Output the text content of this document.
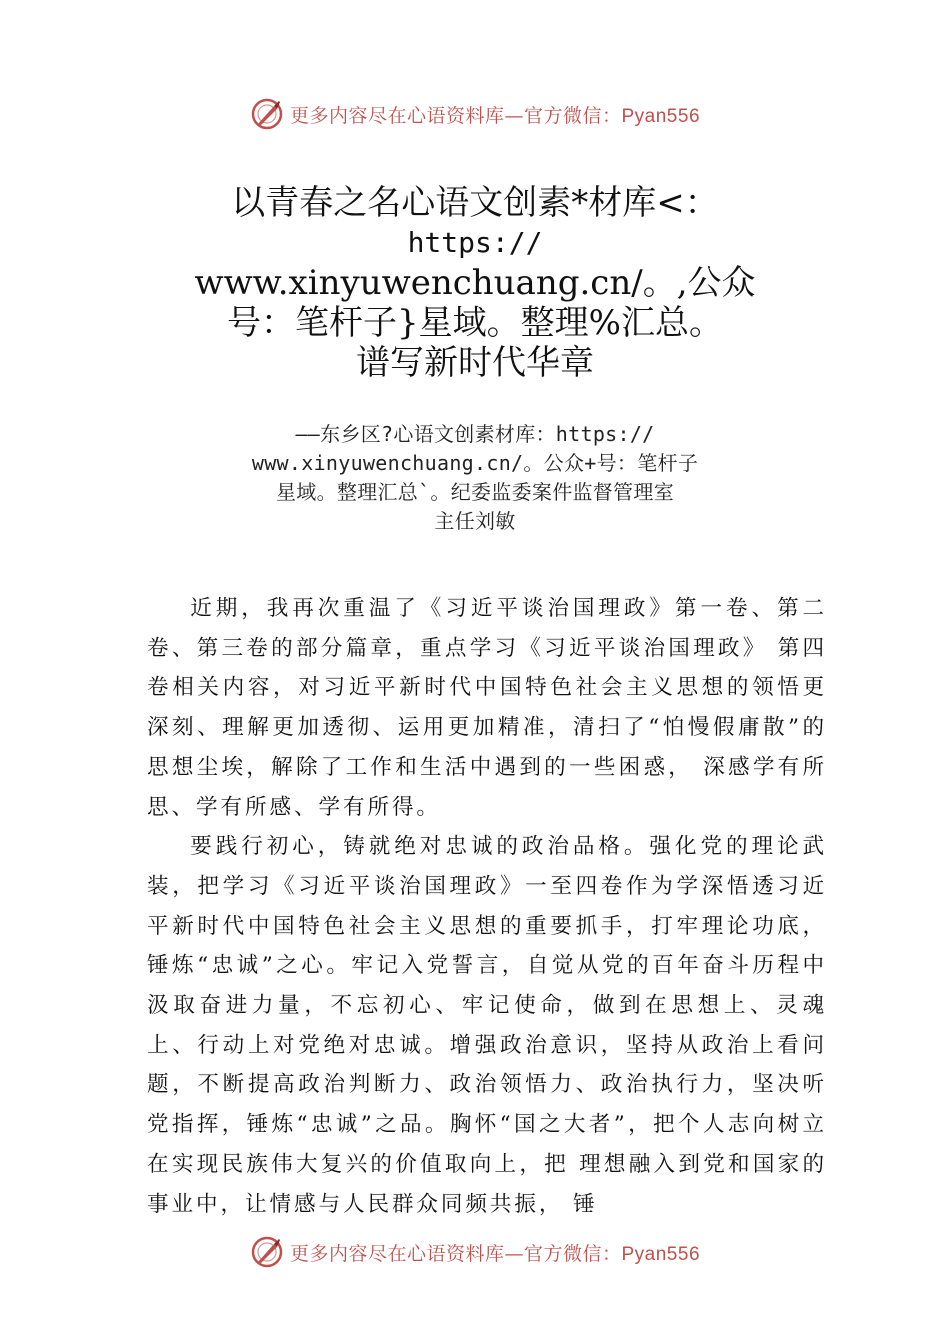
更多内容尽在心语资料库—官方微信：Pyan556
以青春之名心语文创素*材库<：
https://
www.xinyuwenchuang.cn/。,公众
号：笔杆子}星域。整理%汇总。
谱写新时代华章
——东乡区?心语文创素材库：https://
www.xinyuwenchuang.cn/。公众+号：笔杆子
星域。整理汇总`。纪委监委案件监督管理室
主任刘敏

近期，我再次重温了《习近平谈治国理政》第一卷、第二卷、第三卷的部分篇章，重点学习《习近平谈治国理政》 第四卷相关内容，对习近平新时代中国特色社会主义思想的领悟更深刻、理解更加透彻、运用更加精准，清扫了“怕慢假庸散”的思想尘埃，解除了工作和生活中遇到的一些困惑， 深感学有所思、学有所感、学有所得。

要践行初心，铸就绝对忠诚的政治品格。强化党的理论武装，把学习《习近平谈治国理政》一至四卷作为学深悟透习近平新时代中国特色社会主义思想的重要抓手，打牢理论功底，锤炼“忠诚”之心。牢记入党誓言，自觉从党的百年奋斗历程中汲取奋进力量，不忘初心、牢记使命，做到在思想上、灵魂上、行动上对党绝对忠诚。增强政治意识，坚持从政治上看问题，不断提高政治判断力、政治领悟力、政治执行力，坚决听党指挥，锤炼“忠诚”之品。胸怀“国之大者”，把个人志向树立在实现民族伟大复兴的价值取向上，把 理想融入到党和国家的事业中，让情感与人民群众同频共振， 锤

更多内容尽在心语资料库—官方微信：Pyan556
